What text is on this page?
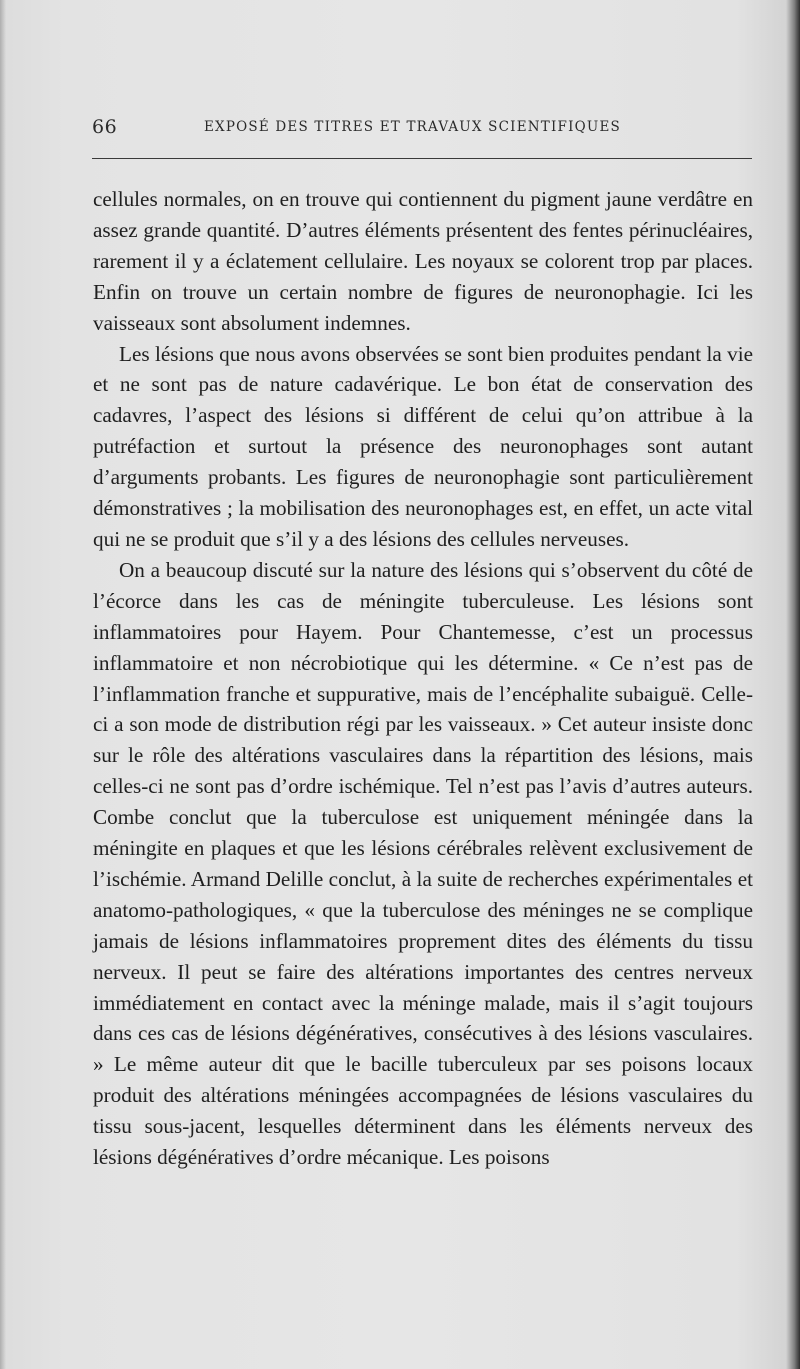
66	EXPOSÉ DES TITRES ET TRAVAUX SCIENTIFIQUES

cellules normales, on en trouve qui contiennent du pigment jaune verdâtre en assez grande quantité. D’autres éléments présentent des fentes périnucléaires, rarement il y a éclatement cellulaire. Les noyaux se colorent trop par places. Enfin on trouve un certain nombre de figures de neuronophagie. Ici les vaisseaux sont absolument indemnes.

Les lésions que nous avons observées se sont bien produites pendant la vie et ne sont pas de nature cadavérique. Le bon état de conservation des cadavres, l’aspect des lésions si différent de celui qu’on attribue à la putréfaction et surtout la présence des neuronophages sont autant d’arguments probants. Les figures de neuronophagie sont particulièrement démonstratives ; la mobilisation des neuronophages est, en effet, un acte vital qui ne se produit que s’il y a des lésions des cellules nerveuses.

On a beaucoup discuté sur la nature des lésions qui s’observent du côté de l’écorce dans les cas de méningite tuberculeuse. Les lésions sont inflammatoires pour Hayem. Pour Chantemesse, c’est un processus inflammatoire et non nécrobiotique qui les détermine. « Ce n’est pas de l’inflammation franche et suppurative, mais de l’encéphalite subaiguë. Celle-ci a son mode de distribution régi par les vaisseaux. » Cet auteur insiste donc sur le rôle des altérations vasculaires dans la répartition des lésions, mais celles-ci ne sont pas d’ordre ischémique. Tel n’est pas l’avis d’autres auteurs. Combe conclut que la tuberculose est uniquement méningée dans la méningite en plaques et que les lésions cérébrales relèvent exclusivement de l’ischémie. Armand Delille conclut, à la suite de recherches expérimentales et anatomo-pathologiques, « que la tuberculose des méninges ne se complique jamais de lésions inflammatoires proprement dites des éléments du tissu nerveux. Il peut se faire des altérations importantes des centres nerveux immédiatement en contact avec la méninge malade, mais il s’agit toujours dans ces cas de lésions dégénératives, consécutives à des lésions vasculaires. » Le même auteur dit que le bacille tuberculeux par ses poisons locaux produit des altérations méningées accompagnées de lésions vasculaires du tissu sous-jacent, lesquelles déterminent dans les éléments nerveux des lésions dégénératives d’ordre mécanique. Les poisons
